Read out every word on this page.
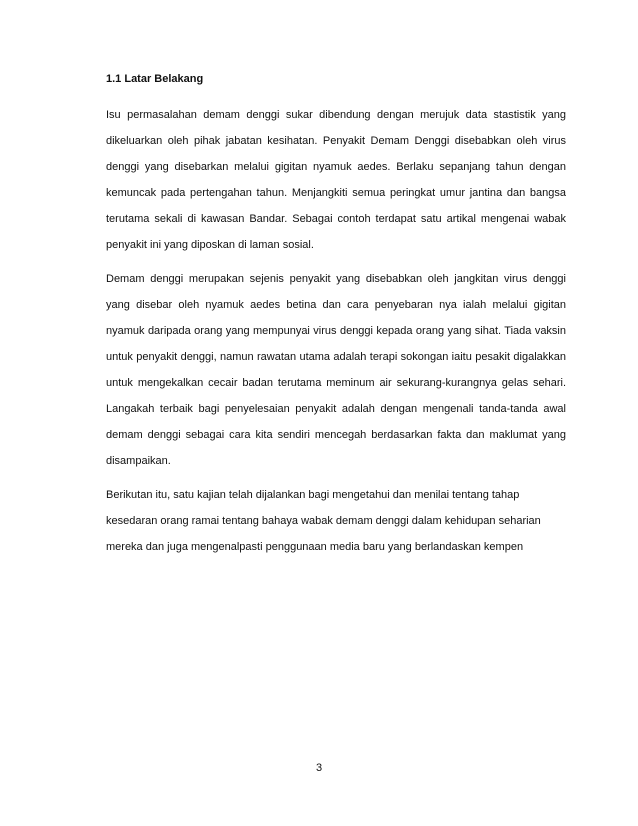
1.1 Latar Belakang

Isu permasalahan demam denggi sukar dibendung dengan merujuk data stastistik yang dikeluarkan oleh pihak jabatan kesihatan. Penyakit Demam Denggi disebabkan oleh virus denggi yang disebarkan melalui gigitan nyamuk aedes. Berlaku sepanjang tahun dengan kemuncak pada pertengahan tahun. Menjangkiti semua peringkat umur jantina dan bangsa terutama sekali di kawasan Bandar. Sebagai contoh terdapat satu artikal mengenai wabak penyakit ini yang diposkan di laman sosial.

Demam denggi merupakan sejenis penyakit yang disebabkan oleh jangkitan virus denggi yang disebar oleh nyamuk aedes betina dan cara penyebaran nya ialah melalui gigitan nyamuk daripada orang yang mempunyai virus denggi kepada orang yang sihat. Tiada vaksin untuk penyakit denggi, namun rawatan utama adalah terapi sokongan iaitu pesakit digalakkan untuk mengekalkan cecair badan terutama meminum air sekurang-kurangnya gelas sehari. Langakah terbaik bagi penyelesaian penyakit adalah dengan mengenali tanda-tanda awal demam denggi sebagai cara kita sendiri mencegah berdasarkan fakta dan maklumat yang disampaikan.

Berikutan itu, satu kajian telah dijalankan bagi mengetahui dan menilai tentang tahap kesedaran orang ramai tentang bahaya wabak demam denggi dalam kehidupan seharian mereka dan juga mengenalpasti penggunaan media baru yang berlandaskan kempen

3
